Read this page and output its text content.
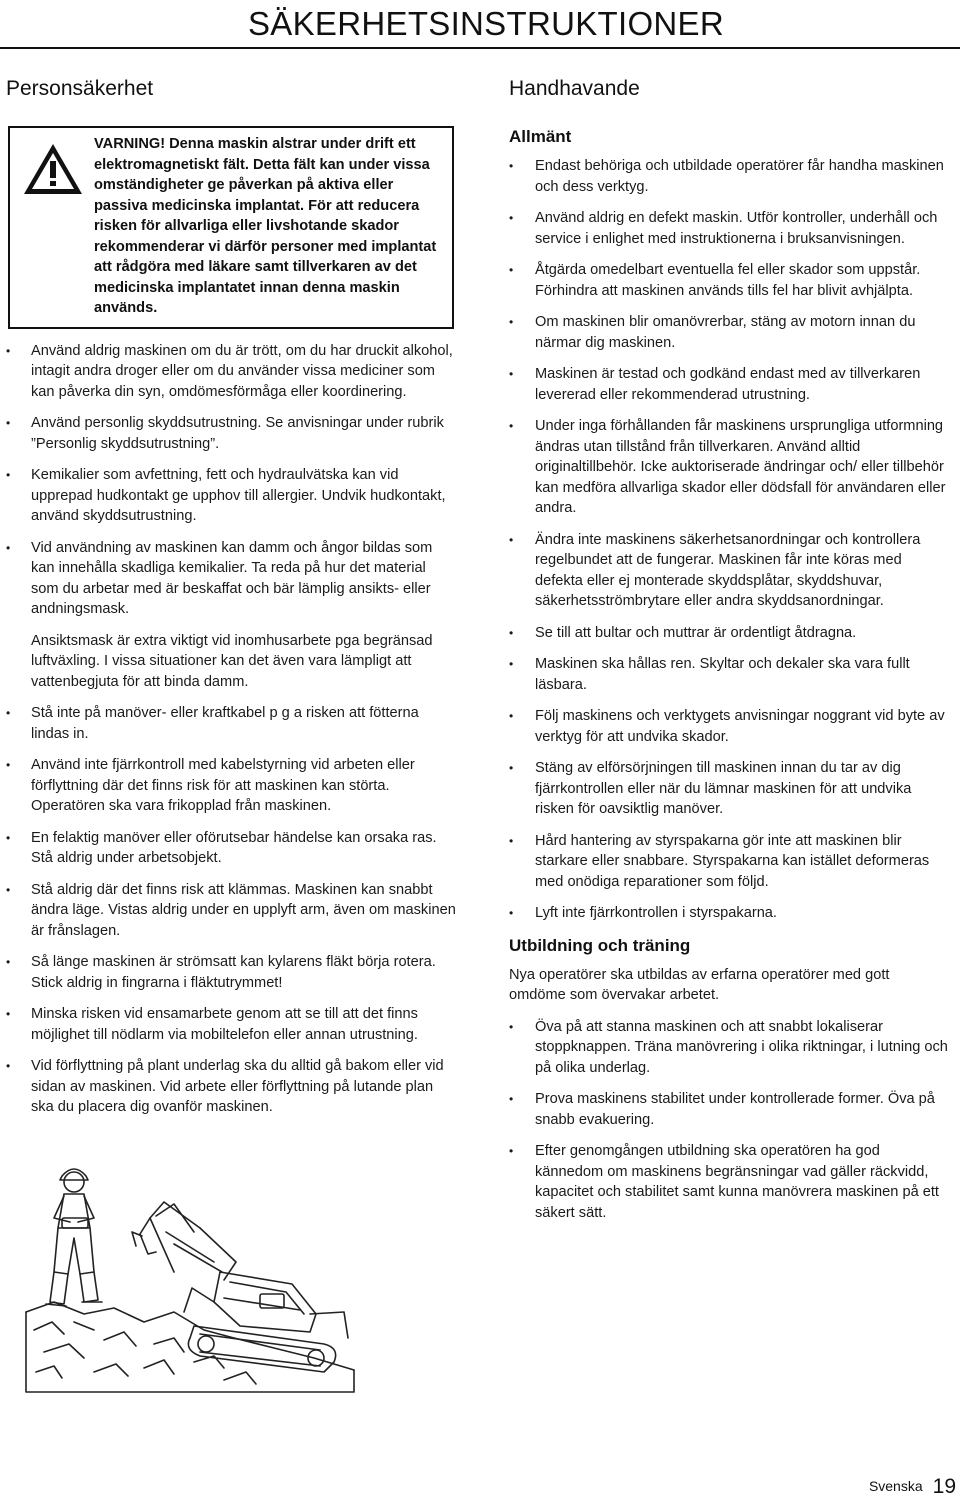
SÄKERHETSINSTRUKTIONER
Personsäkerhet

VARNING! Denna maskin alstrar under drift ett elektromagnetiskt fält. Detta fält kan under vissa omständigheter ge påverkan på aktiva eller passiva medicinska implantat. För att reducera risken för allvarliga eller livshotande skador rekommenderar vi därför personer med implantat att rådgöra med läkare samt tillverkaren av det medicinska implantatet innan denna maskin används.

• Använd aldrig maskinen om du är trött, om du har druckit alkohol, intagit andra droger eller om du använder vissa mediciner som kan påverka din syn, omdömesförmåga eller koordinering.
• Använd personlig skyddsutrustning. Se anvisningar under rubrik ”Personlig skyddsutrustning”.
• Kemikalier som avfettning, fett och hydraulvätska kan vid upprepad hudkontakt ge upphov till allergier. Undvik hudkontakt, använd skyddsutrustning.
• Vid användning av maskinen kan damm och ångor bildas som kan innehålla skadliga kemikalier. Ta reda på hur det material som du arbetar med är beskaffat och bär lämplig ansikts- eller andningsmask.

Ansiktsmask är extra viktigt vid inomhusarbete pga begränsad luftväxling. I vissa situationer kan det även vara lämpligt att vattenbegjuta för att binda damm.

• Stå inte på manöver- eller kraftkabel p g a risken att fötterna lindas in.
• Använd inte fjärrkontroll med kabelstyrning vid arbeten eller förflyttning där det finns risk för att maskinen kan störta. Operatören ska vara frikopplad från maskinen.
• En felaktig manöver eller oförutsebar händelse kan orsaka ras. Stå aldrig under arbetsobjekt.
• Stå aldrig där det finns risk att klämmas. Maskinen kan snabbt ändra läge. Vistas aldrig under en upplyft arm, även om maskinen är frånslagen.
• Så länge maskinen är strömsatt kan kylarens fläkt börja rotera. Stick aldrig in fingrarna i fläktutrymmet!
• Minska risken vid ensamarbete genom att se till att det finns möjlighet till nödlarm via mobiltelefon eller annan utrustning.
• Vid förflyttning på plant underlag ska du alltid gå bakom eller vid sidan av maskinen. Vid arbete eller förflyttning på lutande plan ska du placera dig ovanför maskinen.
Handhavande
Allmänt
• Endast behöriga och utbildade operatörer får handha maskinen och dess verktyg.
• Använd aldrig en defekt maskin. Utför kontroller, underhåll och service i enlighet med instruktionerna i bruksanvisningen.
• Åtgärda omedelbart eventuella fel eller skador som uppstår. Förhindra att maskinen används tills fel har blivit avhjälpta.
• Om maskinen blir omanövrerbar, stäng av motorn innan du närmar dig maskinen.
• Maskinen är testad och godkänd endast med av tillverkaren levererad eller rekommenderad utrustning.
• Under inga förhållanden får maskinens ursprungliga utformning ändras utan tillstånd från tillverkaren. Använd alltid originaltillbehör. Icke auktoriserade ändringar och/ eller tillbehör kan medföra allvarliga skador eller dödsfall för användaren eller andra.
• Ändra inte maskinens säkerhetsanordningar och kontrollera regelbundet att de fungerar. Maskinen får inte köras med defekta eller ej monterade skyddsplåtar, skyddshuvar, säkerhetsströmbrytare eller andra skyddsanordningar.
• Se till att bultar och muttrar är ordentligt åtdragna.
• Maskinen ska hållas ren. Skyltar och dekaler ska vara fullt läsbara.
• Följ maskinens och verktygets anvisningar noggrant vid byte av verktyg för att undvika skador.
• Stäng av elförsörjningen till maskinen innan du tar av dig fjärrkontrollen eller när du lämnar maskinen för att undvika risken för oavsiktlig manöver.
• Hård hantering av styrspakarna gör inte att maskinen blir starkare eller snabbare. Styrspakarna kan istället deformeras med onödiga reparationer som följd.
• Lyft inte fjärrkontrollen i styrspakarna.
Utbildning och träning

Nya operatörer ska utbildas av erfarna operatörer med gott omdöme som övervakar arbetet.

• Öva på att stanna maskinen och att snabbt lokaliserar stoppknappen. Träna manövrering i olika riktningar, i lutning och på olika underlag.
• Prova maskinens stabilitet under kontrollerade former. Öva på snabb evakuering.
• Efter genomgången utbildning ska operatören ha god kännedom om maskinens begränsningar vad gäller räckvidd, kapacitet och stabilitet samt kunna manövrera maskinen på ett säkert sätt.
Svenska 19
